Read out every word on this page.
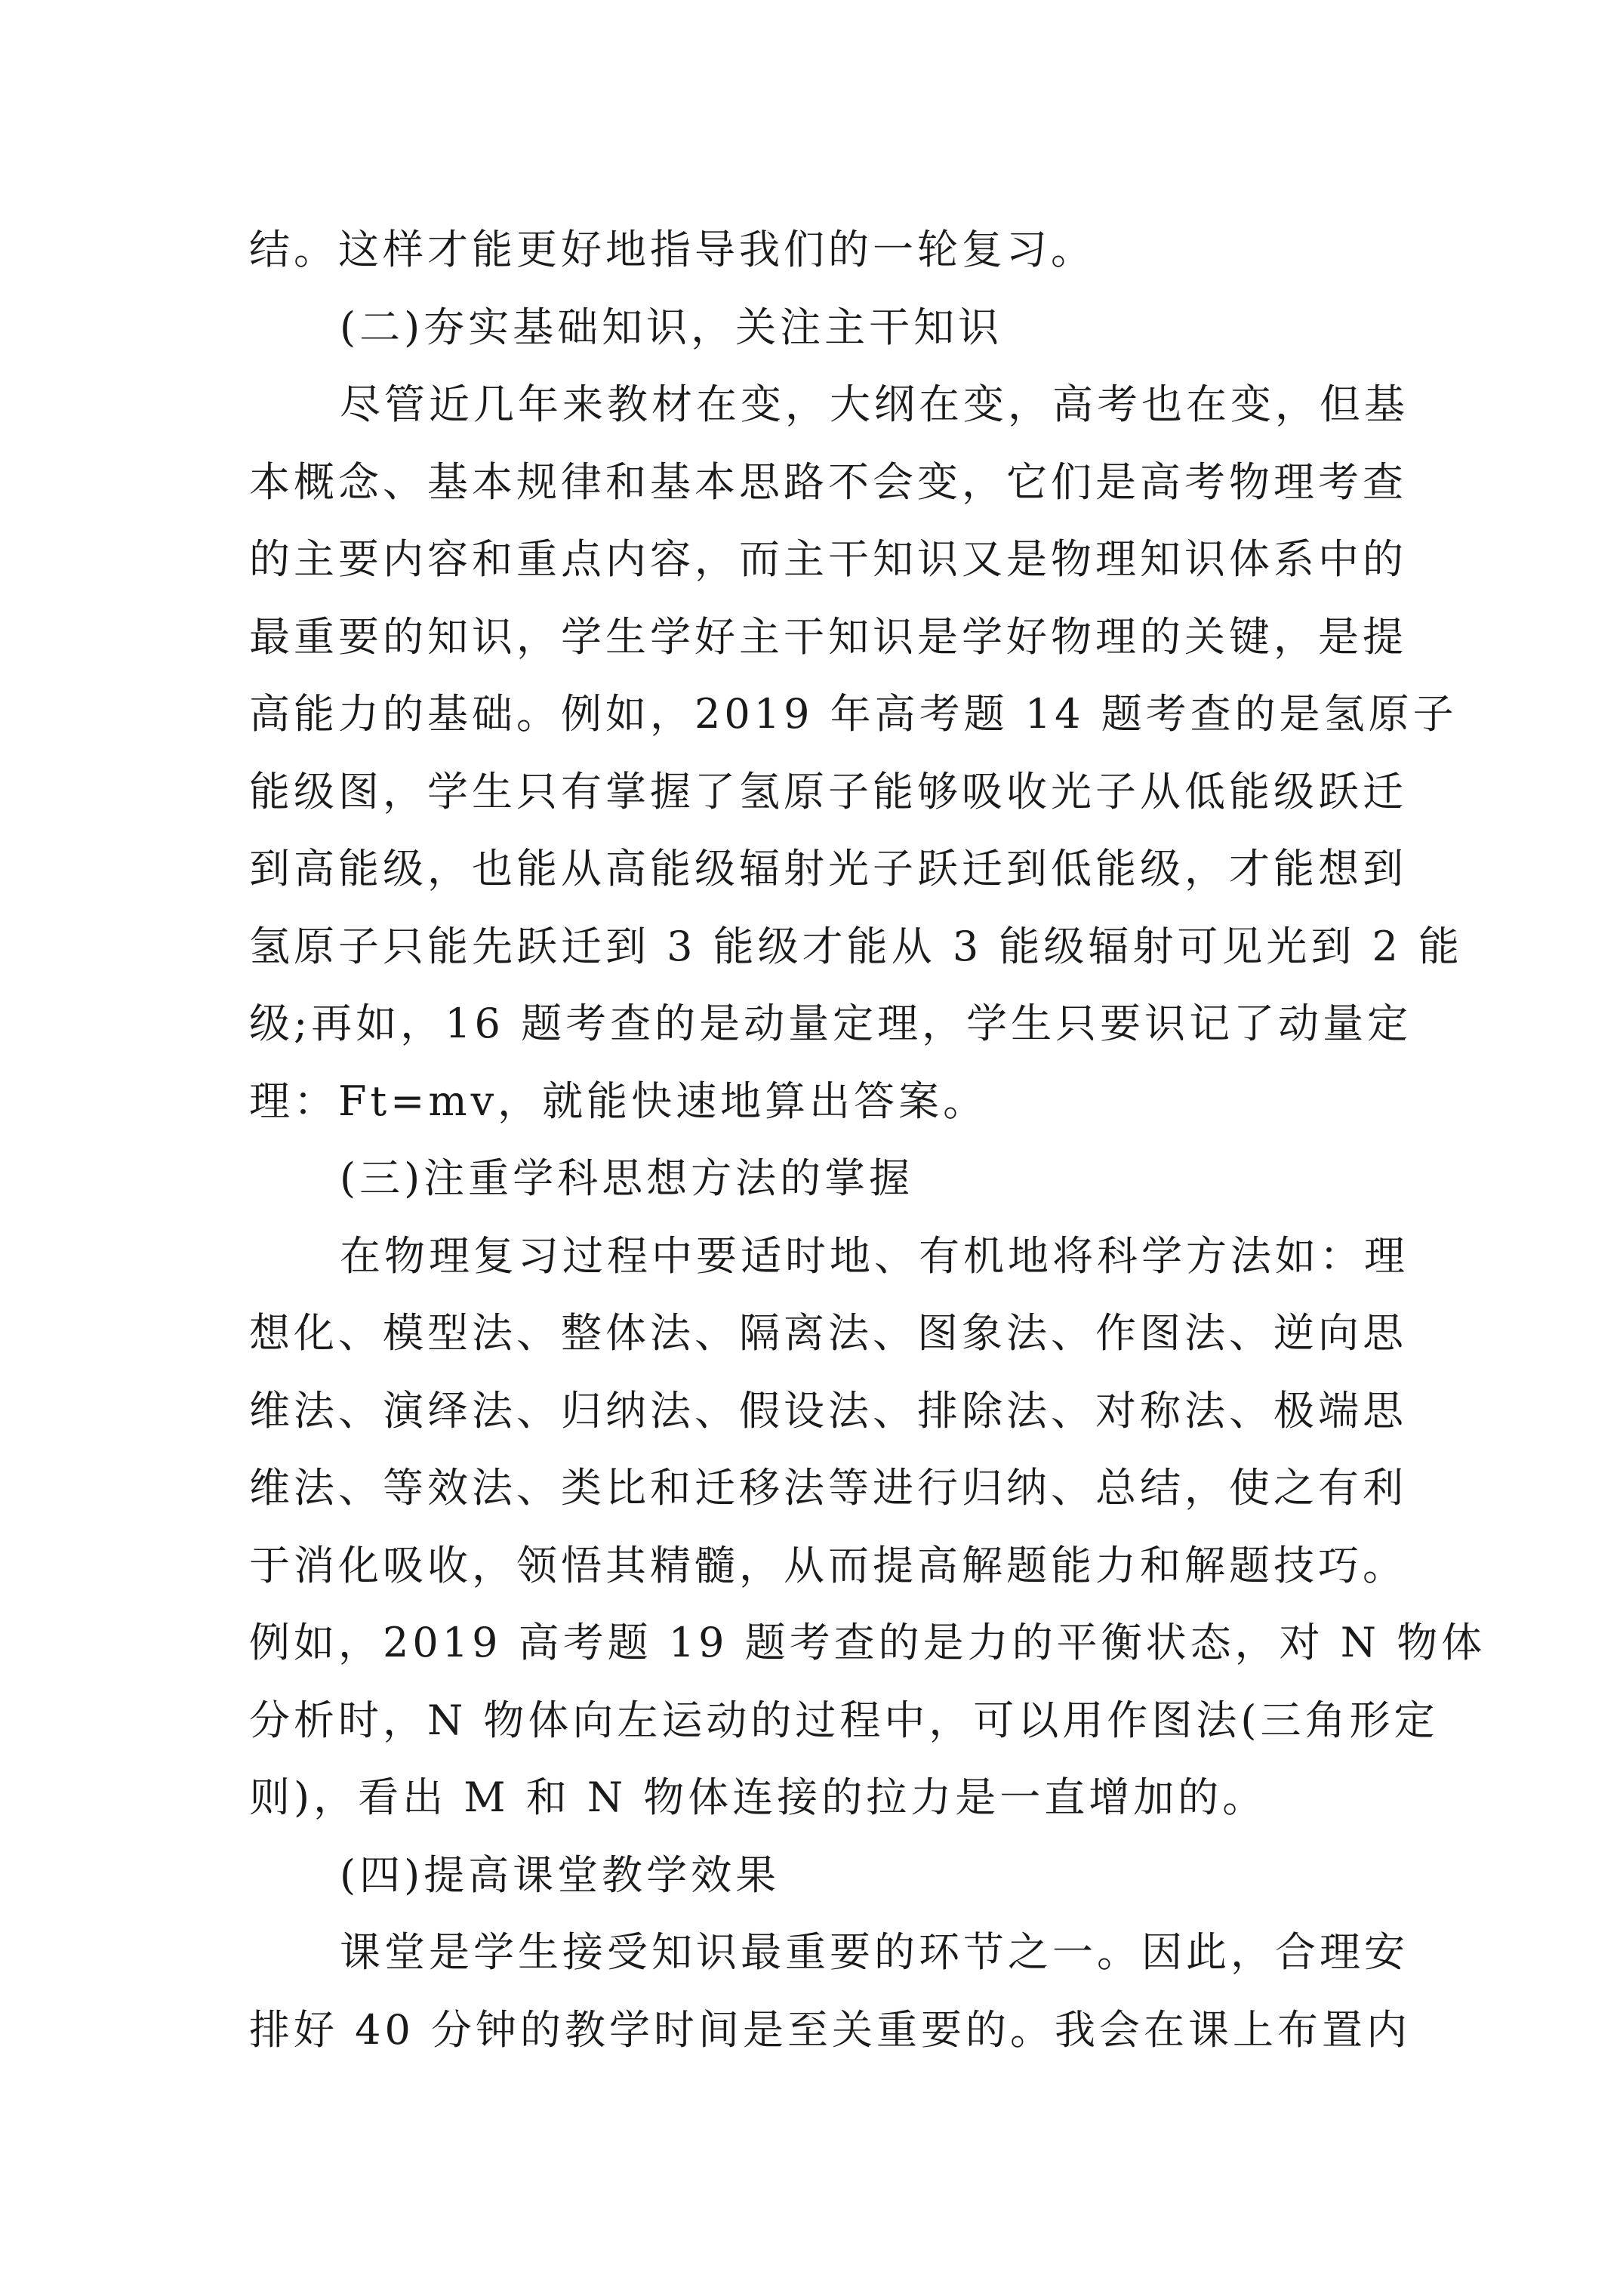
结。这样才能更好地指导我们的一轮复习。
(二)夯实基础知识，关注主干知识
尽管近几年来教材在变，大纲在变，高考也在变，但基
本概念、基本规律和基本思路不会变，它们是高考物理考查
的主要内容和重点内容，而主干知识又是物理知识体系中的
最重要的知识，学生学好主干知识是学好物理的关键，是提
高能力的基础。例如，2019 年高考题 14 题考查的是氢原子
能级图，学生只有掌握了氢原子能够吸收光子从低能级跃迁
到高能级，也能从高能级辐射光子跃迁到低能级，才能想到
氢原子只能先跃迁到 3 能级才能从 3 能级辐射可见光到 2 能
级;再如，16 题考查的是动量定理，学生只要识记了动量定
理：Ft=mv，就能快速地算出答案。
(三)注重学科思想方法的掌握
在物理复习过程中要适时地、有机地将科学方法如：理
想化、模型法、整体法、隔离法、图象法、作图法、逆向思
维法、演绎法、归纳法、假设法、排除法、对称法、极端思
维法、等效法、类比和迁移法等进行归纳、总结，使之有利
于消化吸收，领悟其精髓，从而提高解题能力和解题技巧。
例如，2019 高考题 19 题考查的是力的平衡状态，对 N 物体
分析时，N 物体向左运动的过程中，可以用作图法(三角形定
则)，看出 M 和 N 物体连接的拉力是一直增加的。
(四)提高课堂教学效果
课堂是学生接受知识最重要的环节之一。因此，合理安
排好 40 分钟的教学时间是至关重要的。我会在课上布置内
